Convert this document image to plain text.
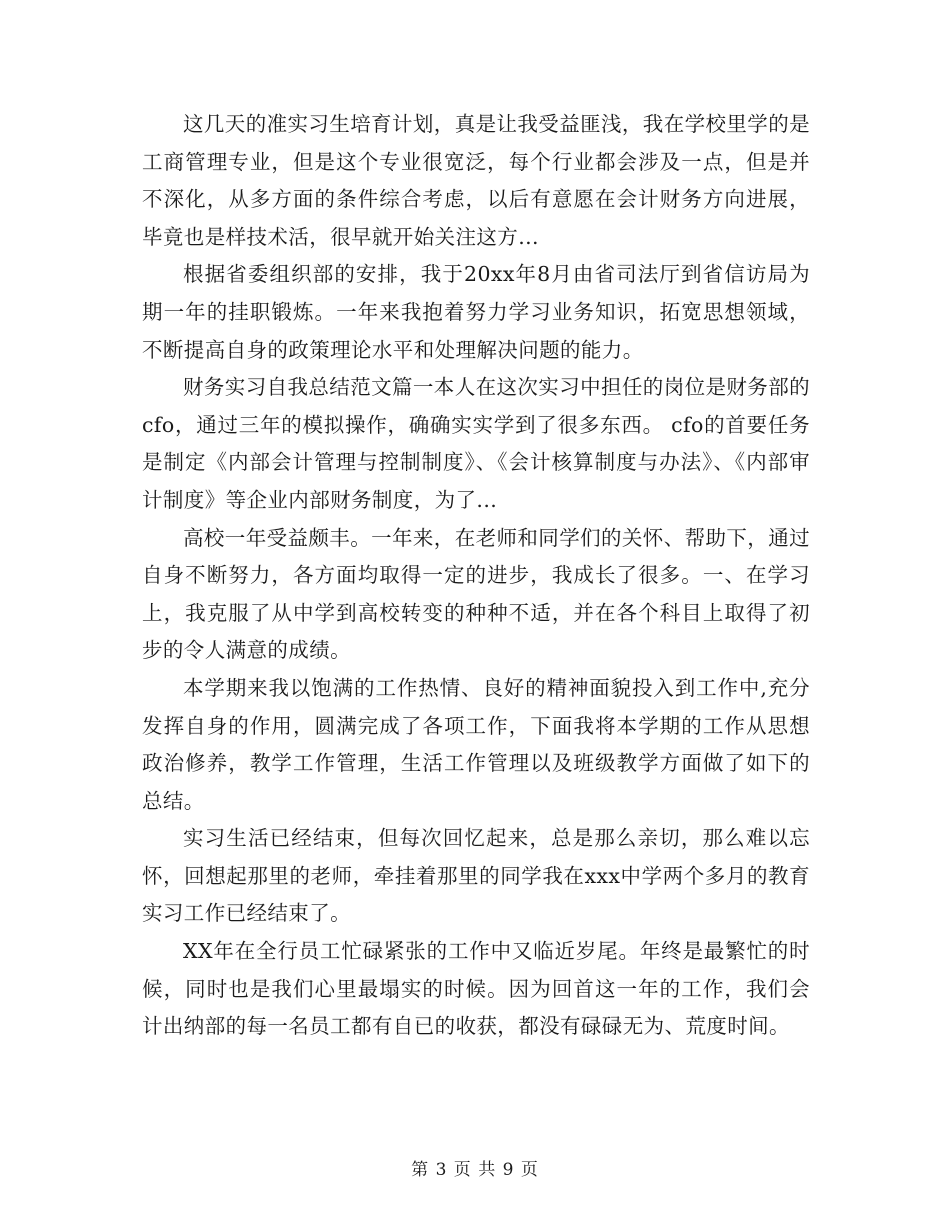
这几天的准实习生培育计划，真是让我受益匪浅，我在学校里学的是工商管理专业，但是这个专业很宽泛，每个行业都会涉及一点，但是并不深化，从多方面的条件综合考虑，以后有意愿在会计财务方向进展，毕竟也是样技术活，很早就开始关注这方...

根据省委组织部的安排，我于20xx年8月由省司法厅到省信访局为期一年的挂职锻炼。一年来我抱着努力学习业务知识，拓宽思想领域，不断提高自身的政策理论水平和处理解决问题的能力。

财务实习自我总结范文篇一本人在这次实习中担任的岗位是财务部的cfo，通过三年的模拟操作，确确实实学到了很多东西。 cfo的首要任务是制定《内部会计管理与控制制度》、《会计核算制度与办法》、《内部审计制度》等企业内部财务制度，为了...

高校一年受益颇丰。一年来，在老师和同学们的关怀、帮助下，通过自身不断努力，各方面均取得一定的进步，我成长了很多。一、在学习上，我克服了从中学到高校转变的种种不适，并在各个科目上取得了初步的令人满意的成绩。

本学期来我以饱满的工作热情、良好的精神面貌投入到工作中,充分发挥自身的作用，圆满完成了各项工作，下面我将本学期的工作从思想政治修养，教学工作管理，生活工作管理以及班级教学方面做了如下的总结。

实习生活已经结束，但每次回忆起来，总是那么亲切，那么难以忘怀，回想起那里的老师，牵挂着那里的同学我在xxx中学两个多月的教育实习工作已经结束了。

XX年在全行员工忙碌紧张的工作中又临近岁尾。年终是最繁忙的时候，同时也是我们心里最塌实的时候。因为回首这一年的工作，我们会计出纳部的每一名员工都有自已的收获，都没有碌碌无为、荒度时间。

第 3 页 共 9 页
